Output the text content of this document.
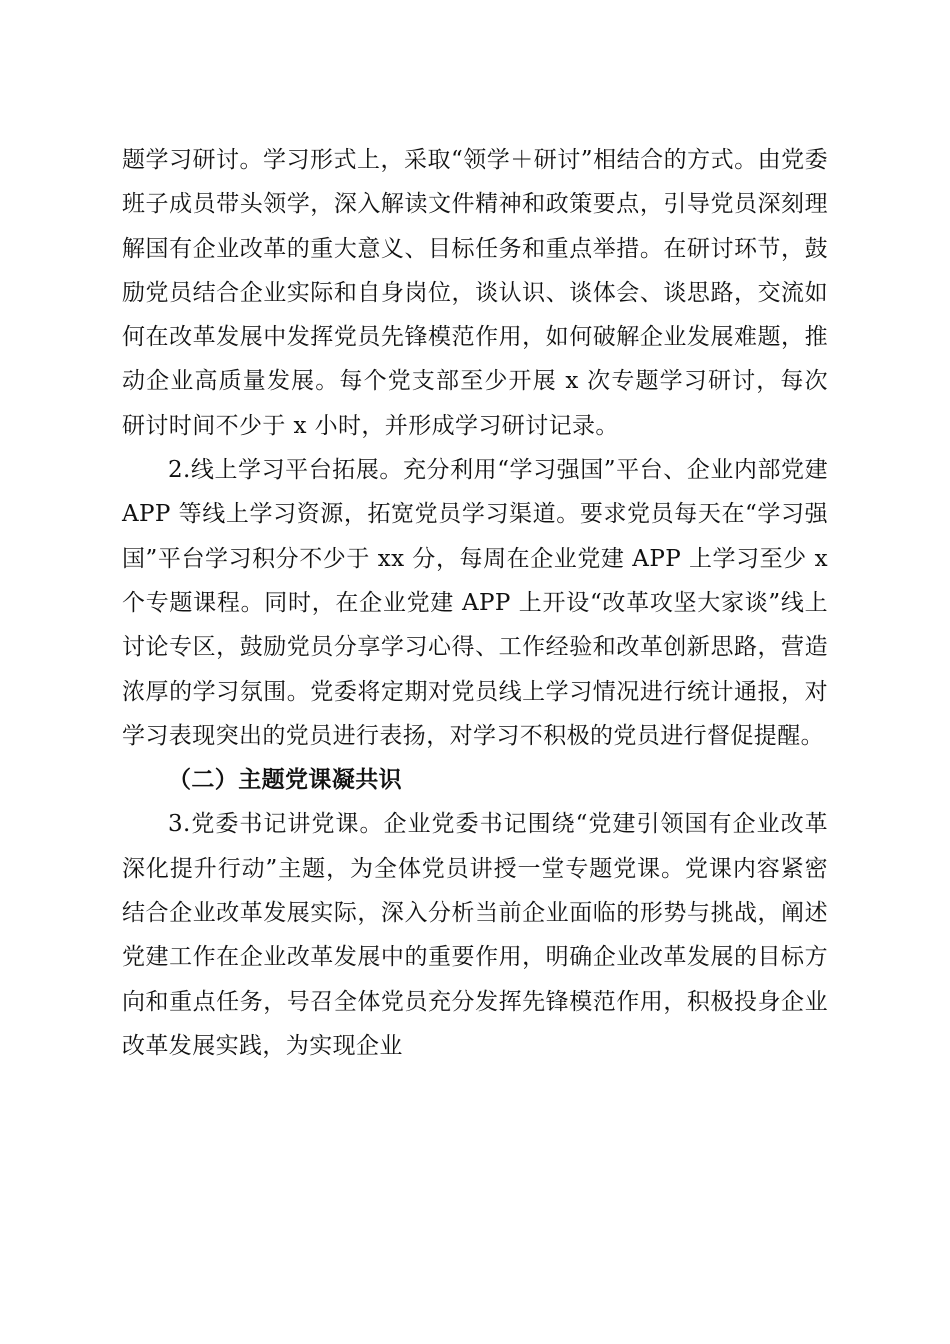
题学习研讨。学习形式上，采取“领学＋研讨”相结合的方式。由党委班子成员带头领学，深入解读文件精神和政策要点，引导党员深刻理解国有企业改革的重大意义、目标任务和重点举措。在研讨环节，鼓励党员结合企业实际和自身岗位，谈认识、谈体会、谈思路，交流如何在改革发展中发挥党员先锋模范作用，如何破解企业发展难题，推动企业高质量发展。每个党支部至少开展 x 次专题学习研讨，每次研讨时间不少于 x 小时，并形成学习研讨记录。

2.线上学习平台拓展。充分利用“学习强国”平台、企业内部党建 APP 等线上学习资源，拓宽党员学习渠道。要求党员每天在“学习强国”平台学习积分不少于 xx 分，每周在企业党建 APP 上学习至少 x 个专题课程。同时，在企业党建 APP 上开设“改革攻坚大家谈”线上讨论专区，鼓励党员分享学习心得、工作经验和改革创新思路，营造浓厚的学习氛围。党委将定期对党员线上学习情况进行统计通报，对学习表现突出的党员进行表扬，对学习不积极的党员进行督促提醒。

（二）主题党课凝共识

3.党委书记讲党课。企业党委书记围绕“党建引领国有企业改革深化提升行动”主题，为全体党员讲授一堂专题党课。党课内容紧密结合企业改革发展实际，深入分析当前企业面临的形势与挑战，阐述党建工作在企业改革发展中的重要作用，明确企业改革发展的目标方向和重点任务，号召全体党员充分发挥先锋模范作用，积极投身企业改革发展实践，为实现企业
